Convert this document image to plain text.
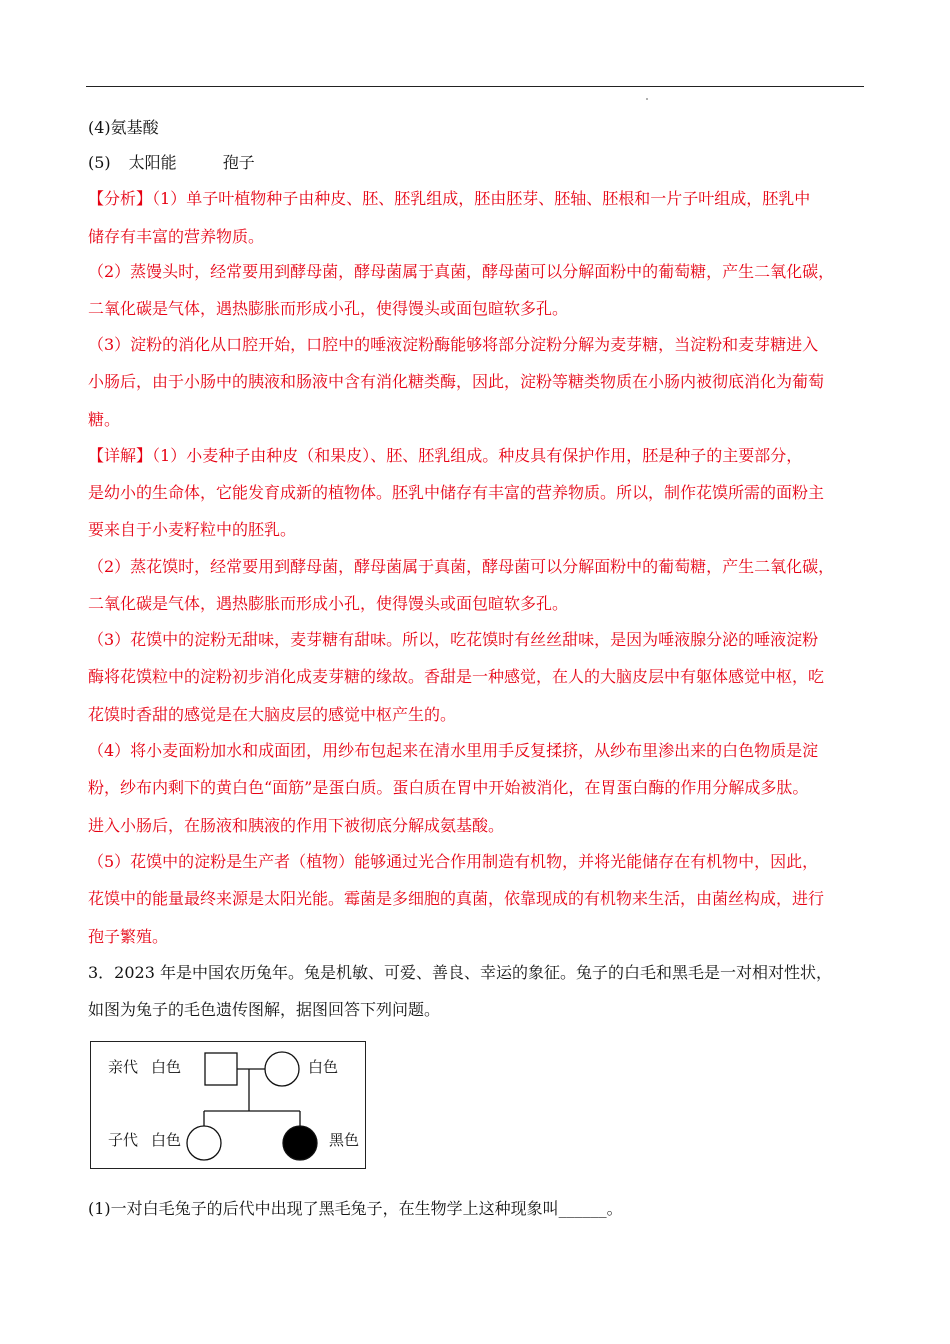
(4)氨基酸
(5) 太阳能	孢子
【分析】（1）单子叶植物种子由种皮、胚、胚乳组成，胚由胚芽、胚轴、胚根和一片子叶组成，胚乳中
储存有丰富的营养物质。
（2）蒸馒头时，经常要用到酵母菌，酵母菌属于真菌，酵母菌可以分解面粉中的葡萄糖，产生二氧化碳，
二氧化碳是气体，遇热膨胀而形成小孔，使得馒头或面包暄软多孔。
（3）淀粉的消化从口腔开始，口腔中的唾液淀粉酶能够将部分淀粉分解为麦芽糖，当淀粉和麦芽糖进入
小肠后，由于小肠中的胰液和肠液中含有消化糖类酶，因此，淀粉等糖类物质在小肠内被彻底消化为葡萄
糖。
【详解】（1）小麦种子由种皮（和果皮）、胚、胚乳组成。种皮具有保护作用，胚是种子的主要部分，
是幼小的生命体，它能发育成新的植物体。胚乳中储存有丰富的营养物质。所以，制作花馍所需的面粉主
要来自于小麦籽粒中的胚乳。
（2）蒸花馍时，经常要用到酵母菌，酵母菌属于真菌，酵母菌可以分解面粉中的葡萄糖，产生二氧化碳，
二氧化碳是气体，遇热膨胀而形成小孔，使得馒头或面包暄软多孔。
（3）花馍中的淀粉无甜味，麦芽糖有甜味。所以，吃花馍时有丝丝甜味，是因为唾液腺分泌的唾液淀粉
酶将花馍粒中的淀粉初步消化成麦芽糖的缘故。香甜是一种感觉，在人的大脑皮层中有躯体感觉中枢，吃
花馍时香甜的感觉是在大脑皮层的感觉中枢产生的。
（4）将小麦面粉加水和成面团，用纱布包起来在清水里用手反复揉挤，从纱布里渗出来的白色物质是淀
粉，纱布内剩下的黄白色“面筋”是蛋白质。蛋白质在胃中开始被消化，在胃蛋白酶的作用分解成多肽。
进入小肠后，在肠液和胰液的作用下被彻底分解成氨基酸。
（5）花馍中的淀粉是生产者（植物）能够通过光合作用制造有机物，并将光能储存在有机物中，因此，
花馍中的能量最终来源是太阳光能。霉菌是多细胞的真菌，依靠现成的有机物来生活，由菌丝构成，进行
孢子繁殖。
3．2023 年是中国农历兔年。兔是机敏、可爱、善良、幸运的象征。兔子的白毛和黑毛是一对相对性状，
如图为兔子的毛色遗传图解，据图回答下列问题。
亲代 白色	白色
子代 白色	黑色
(1)一对白毛兔子的后代中出现了黑毛兔子，在生物学上这种现象叫______。
